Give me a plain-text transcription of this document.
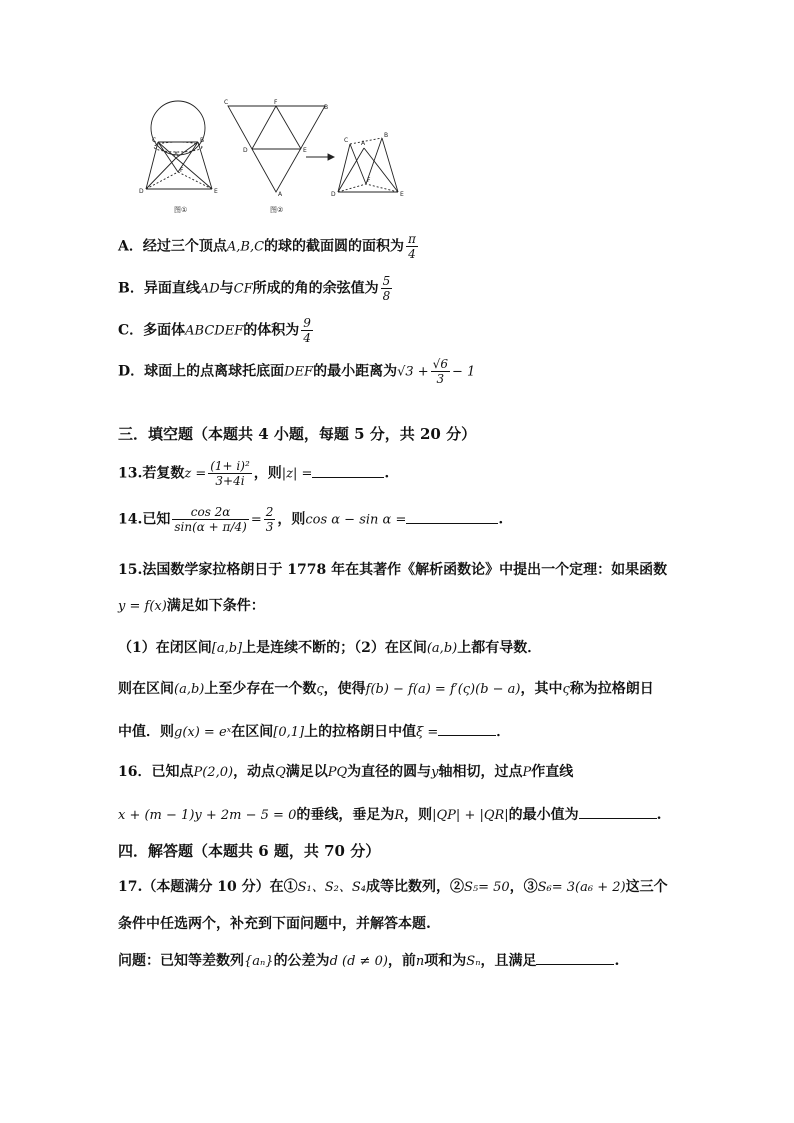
C	B
A
F
D	E
C	F
B
D	E
A
C A
B
F
D	E
图①	图②
A．经过三个顶点A,B,C的球的截面圆的面积为 $\frac{\pi}{4}$
B．异面直线AD与CF所成的角的余弦值为 $\frac{5}{8}$
C．多面体ABCDEF的体积为 $\frac{9}{4}$
D．球面上的点离球托底面DEF的最小距离为$√3 + \frac{√6}{3} - 1$
三．填空题（本题共 4 小题，每题 5 分，共 20 分）
13.若复数$z = \frac{\text{(1+ i)²}}{3+4i}$ ，则|z| =	.
14.已知 $\frac{\cos 2\alpha}{\sin(\alpha + \pi/4)} = \frac{2}{3}$ ，则cos α − sin α =	.
15.法国数学家拉格朗日于 1778 年在其著作《解析函数论》中提出一个定理：如果函数
y = f(x)满足如下条件：
（1）在闭区间[a,b]上是连续不断的；（2）在区间(a,b)上都有导数．
则在区间(a,b)上至少存在一个数ς，使得f(b) − f(a) = f′(ς)(b − a)，其中ς称为拉格朗日
中值．则g(x) = eˣ在区间[0,1]上的拉格朗日中值ξ =	．
16．已知点P(2,0)，动点Q满足以PQ为直径的圆与y轴相切，过点P作直线
x + (m − 1)y + 2m − 5 = 0的垂线，垂足为R，则|QP| + |QR|的最小值为	.
四．解答题（本题共 6 题，共 70 分）
17.（本题满分 10 分）在①S₁、S₂、S₄成等比数列，②S₅= 50，③S₆= 3(a₆ + 2)这三个
条件中任选两个，补充到下面问题中，并解答本题.
问题：已知等差数列{aₙ}的公差为d (d ≠ 0)，前n项和为Sₙ，且满足	.
